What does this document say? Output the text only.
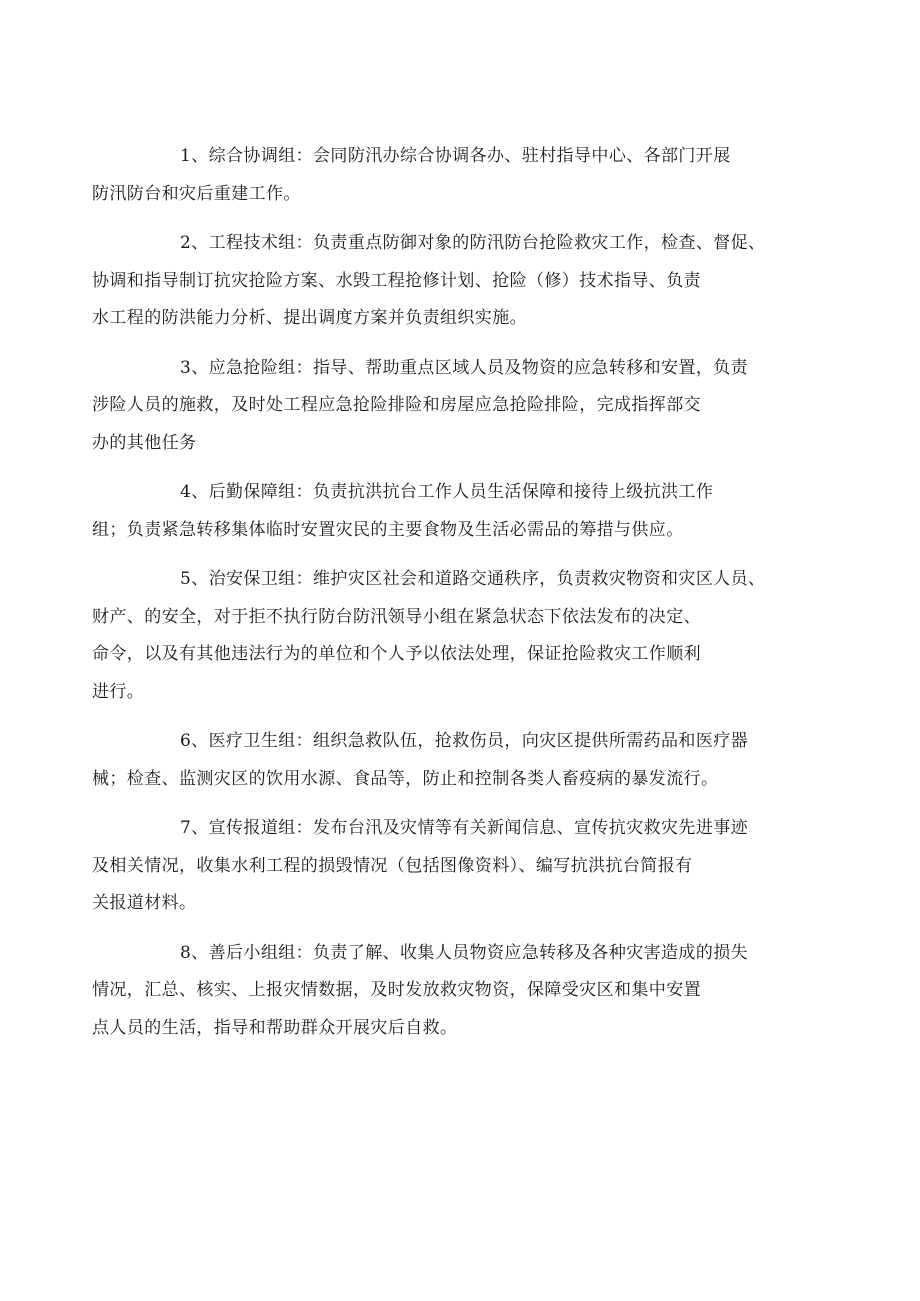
1、综合协调组：会同防汛办综合协调各办、驻村指导中心、各部门开展
防汛防台和灾后重建工作。

2、工程技术组：负责重点防御对象的防汛防台抢险救灾工作，检查、督促、
协调和指导制订抗灾抢险方案、水毁工程抢修计划、抢险（修）技术指导、负责
水工程的防洪能力分析、提出调度方案并负责组织实施。

3、应急抢险组：指导、帮助重点区域人员及物资的应急转移和安置，负责
涉险人员的施救，及时处工程应急抢险排险和房屋应急抢险排险，完成指挥部交
办的其他任务

4、后勤保障组：负责抗洪抗台工作人员生活保障和接待上级抗洪工作
组；负责紧急转移集体临时安置灾民的主要食物及生活必需品的筹措与供应。

5、治安保卫组：维护灾区社会和道路交通秩序，负责救灾物资和灾区人员、
财产、的安全，对于拒不执行防台防汛领导小组在紧急状态下依法发布的决定、
命令，以及有其他违法行为的单位和个人予以依法处理，保证抢险救灾工作顺利
进行。

6、医疗卫生组：组织急救队伍，抢救伤员，向灾区提供所需药品和医疗器
械；检查、监测灾区的饮用水源、食品等，防止和控制各类人畜疫病的暴发流行。

7、宣传报道组：发布台汛及灾情等有关新闻信息、宣传抗灾救灾先进事迹
及相关情况，收集水利工程的损毁情况（包括图像资料）、编写抗洪抗台简报有
关报道材料。

8、善后小组组：负责了解、收集人员物资应急转移及各种灾害造成的损失
情况，汇总、核实、上报灾情数据，及时发放救灾物资，保障受灾区和集中安置
点人员的生活，指导和帮助群众开展灾后自救。
